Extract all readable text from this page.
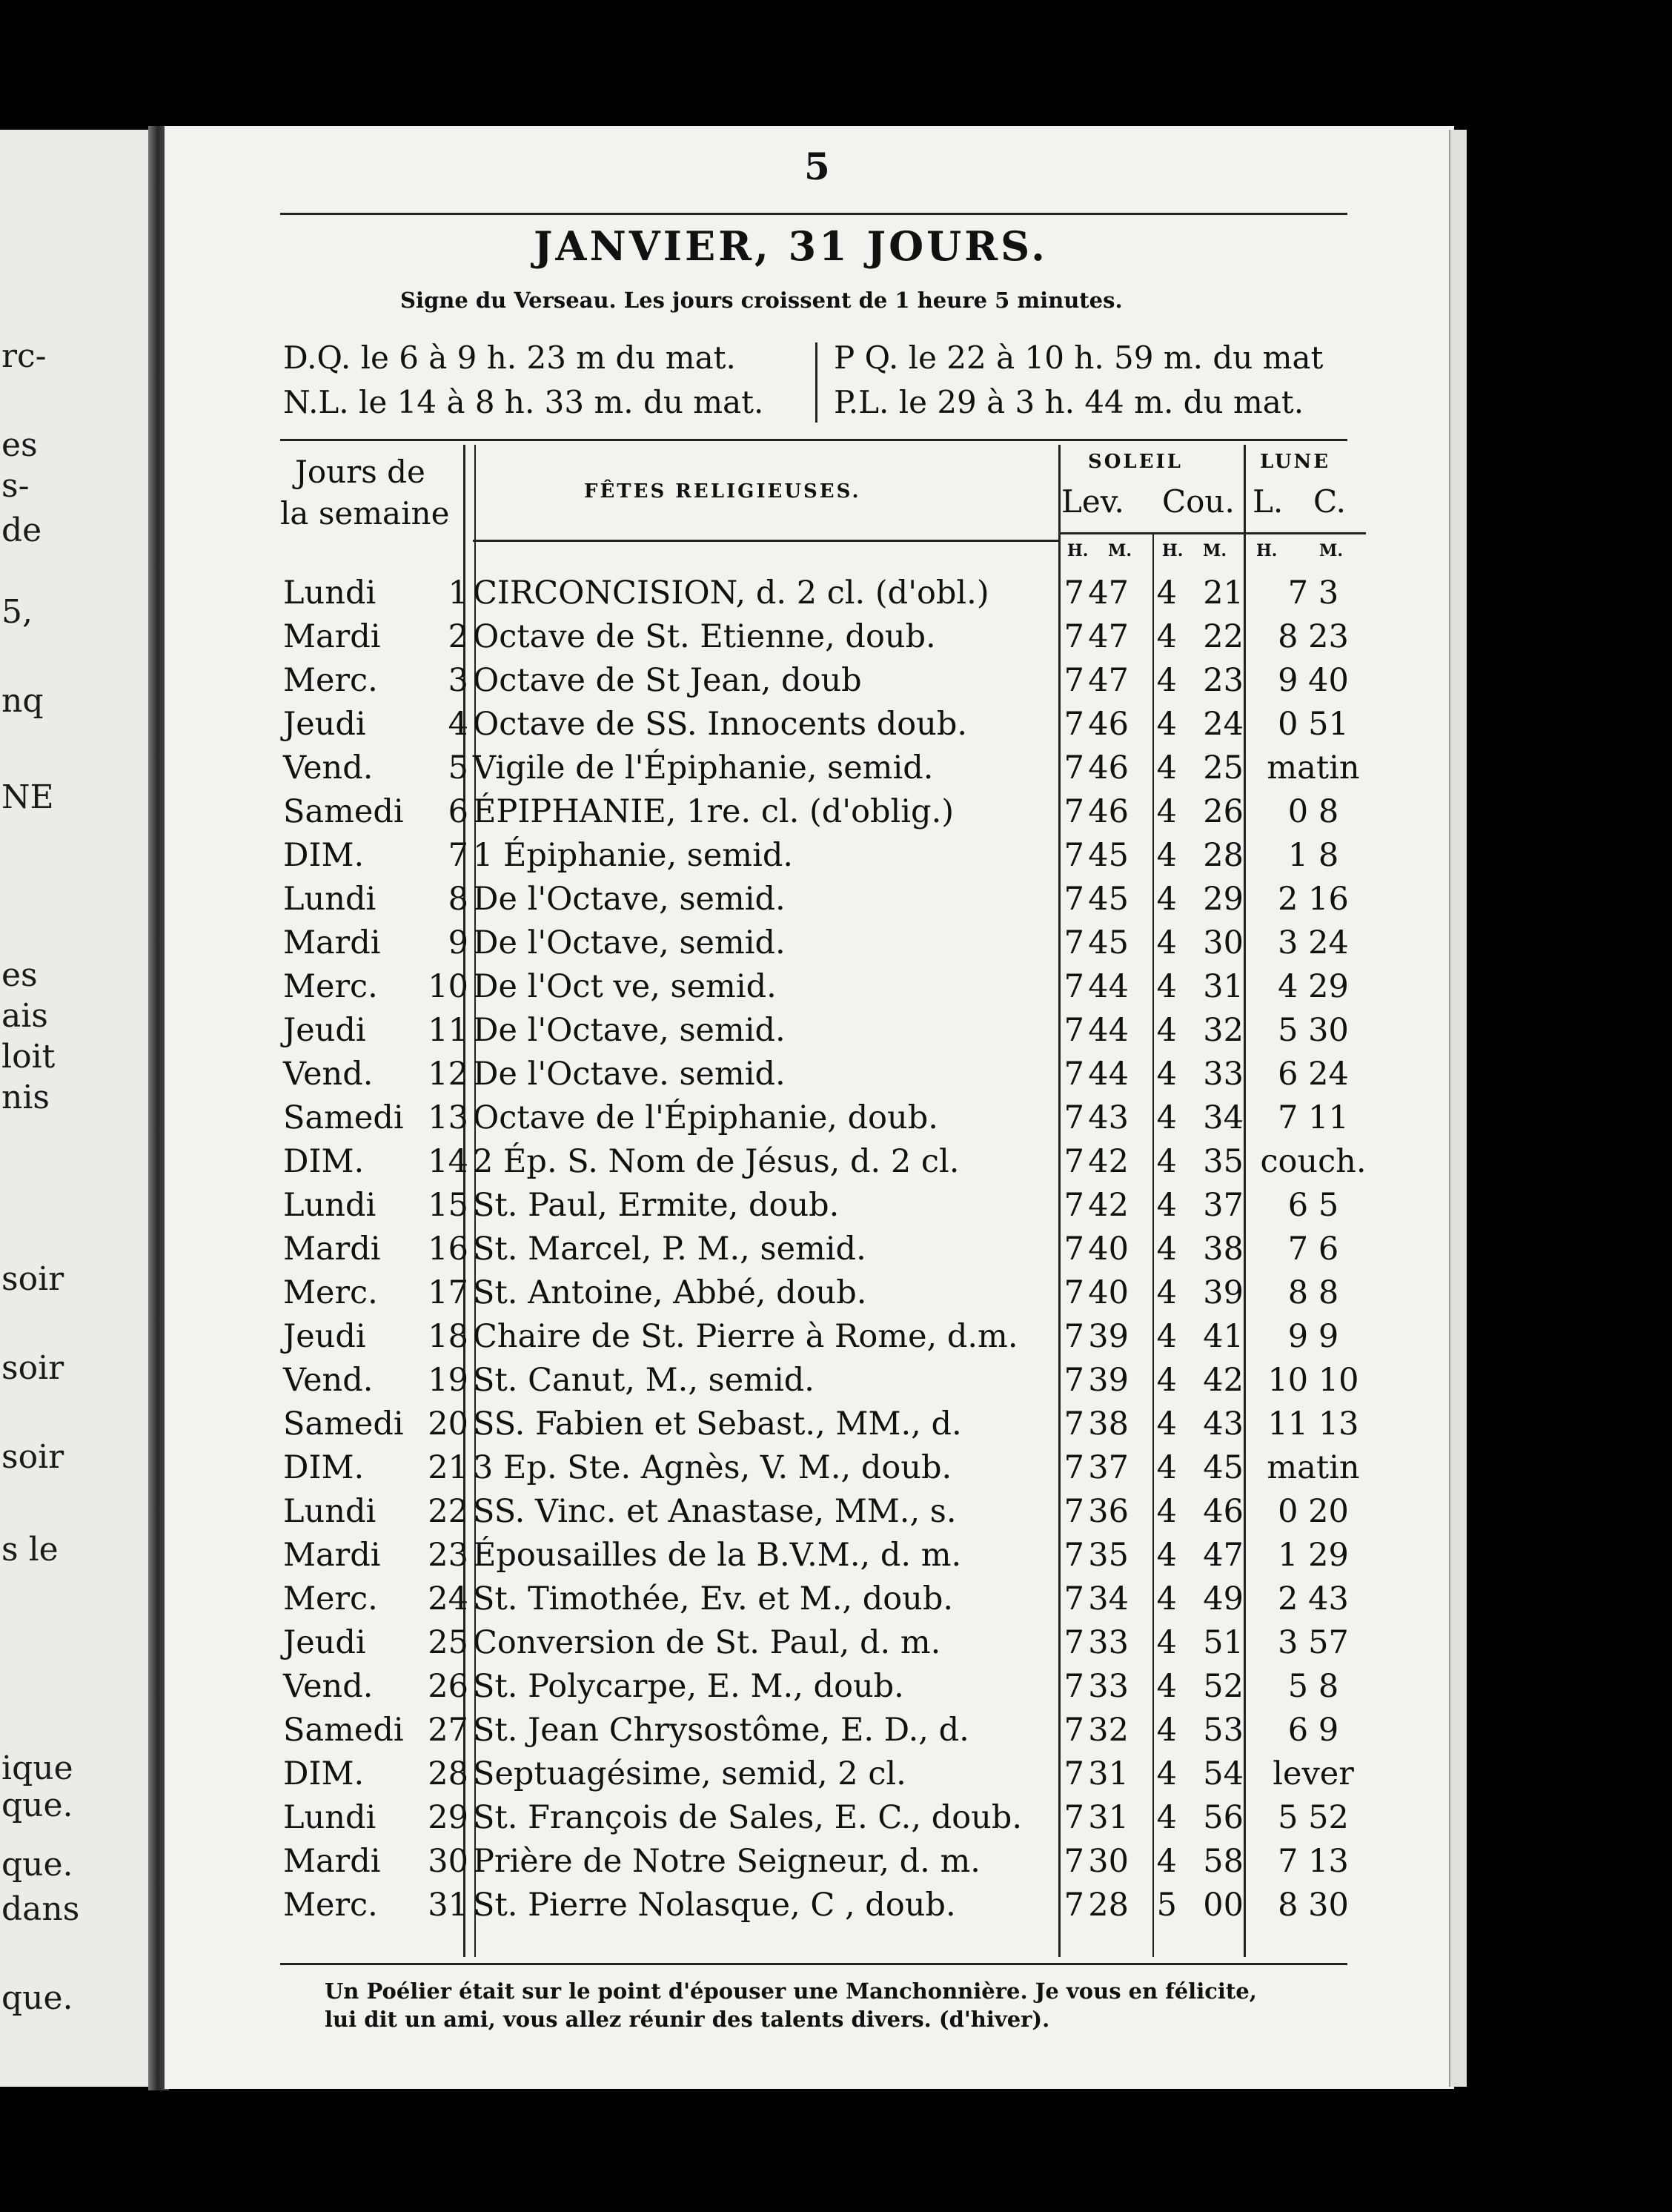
rc-
es
s-
de
5,
nq
NE
es
ais
loit
nis
soir
soir
soir
s le
ique
que.
que.
dans
que.
5
JANVIER, 31 JOURS.
Signe du Verseau. Les jours croissent de 1 heure 5 minutes.
D.Q. le 6 à 9 h. 23 m du mat.	P Q. le 22 à 10 h. 59 m. du mat
N.L. le 14 à 8 h. 33 m. du mat. P.L. le 29 à 3 h. 44 m. du mat.
Jours de
la semaine
FÊTES RELIGIEUSES.
SOLEIL	LUNE
Lev. Cou. L. C.
H. M. H. M. H.	M.
Lundi	1 CIRCONCISION, d. 2 cl. (d'obl.) 7 47 4 21	7 3
Mardi	2 Octave de St. Etienne, doub.	7 47 4 22	8 23
Merc.	3 Octave de St Jean, doub	7 47 4 23	9 40
Jeudi	4 Octave de SS. Innocents doub.	7 46 4 24	0 51
Vend.	5 Vigile de l'Épiphanie, semid.	7 46 4 25 matin
Samedi	6 ÉPIPHANIE, 1re. cl. (d'oblig.)	7 46 4 26	0 8
DIM.	7 1 Épiphanie, semid.	7 45 4 28	1 8
Lundi	8 De l'Octave, semid.	7 45 4 29	2 16
Mardi	9 De l'Octave, semid.	7 45 4 30	3 24
Merc. 10 De l'Oct ve, semid.	7 44 4 31	4 29
Jeudi 11 De l'Octave, semid.	7 44 4 32	5 30
Vend. 12 De l'Octave. semid.	7 44 4 33	6 24
Samedi 13 Octave de l'Épiphanie, doub.	7 43 4 34	7 11
DIM. 14 2 Ép. S. Nom de Jésus, d. 2 cl.	7 42 4 35 couch.
Lundi 15 St. Paul, Ermite, doub.	7 42 4 37	6 5
Mardi 16 St. Marcel, P. M., semid.	7 40 4 38	7 6
Merc. 17 St. Antoine, Abbé, doub.	7 40 4 39	8 8
Jeudi 18 Chaire de St. Pierre à Rome, d.m. 7 39 4 41	9 9
Vend. 19 St. Canut, M., semid.	7 39 4 42 10 10
Samedi 20 SS. Fabien et Sebast., MM., d.	7 38 4 43 11 13
DIM. 21 3 Ep. Ste. Agnès, V. M., doub.	7 37 4 45 matin
Lundi 22 SS. Vinc. et Anastase, MM., s.	7 36 4 46	0 20
Mardi 23 Épousailles de la B.V.M., d. m.	7 35 4 47	1 29
Merc. 24 St. Timothée, Ev. et M., doub.	7 34 4 49	2 43
Jeudi 25 Conversion de St. Paul, d. m.	7 33 4 51	3 57
Vend. 26 St. Polycarpe, E. M., doub.	7 33 4 52	5 8
Samedi 27 St. Jean Chrysostôme, E. D., d.	7 32 4 53	6 9
DIM. 28 Septuagésime, semid, 2 cl.	7 31 4 54 lever
Lundi 29 St. François de Sales, E. C., doub. 7 31 4 56	5 52
Mardi 30 Prière de Notre Seigneur, d. m.	7 30 4 58	7 13
Merc. 31 St. Pierre Nolasque, C , doub.	7 28 5 00	8 30
Un Poélier était sur le point d'épouser une Manchonnière. Je vous en félicite,
lui dit un ami, vous allez réunir des talents divers. (d'hiver).
